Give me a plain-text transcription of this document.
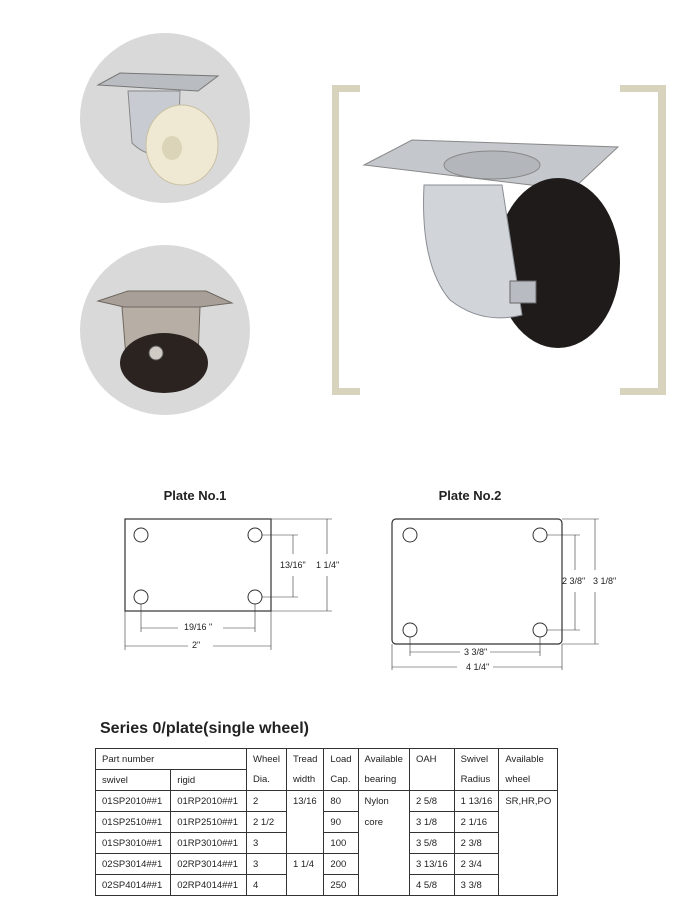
Plate No.1
13/16" 1 1/4"
19/16 "
2"
Plate No.2
2 3/8" 3 1/8"
3 3/8"
4 1/4"
Series 0/plate(single wheel)
Part number		Wheel	Tread	Load	Available	OAH	Swivel	Available
swivel	rigid	Dia.	width	Cap.	bearing		Radius	wheel
01SP2010##1	01RP2010##1	2	13/16	80	Nylon	2 5/8	1 13/16	SR,HR,PO
01SP2510##1	01RP2510##1	2 1/2		90	core	3 1/8	2 1/16	
01SP3010##1	01RP3010##1	3		100		3 5/8	2 3/8	
02SP3014##1	02RP3014##1	3	1 1/4	200		3 13/16	2 3/4	
02SP4014##1	02RP4014##1	4		250		4 5/8	3 3/8	
